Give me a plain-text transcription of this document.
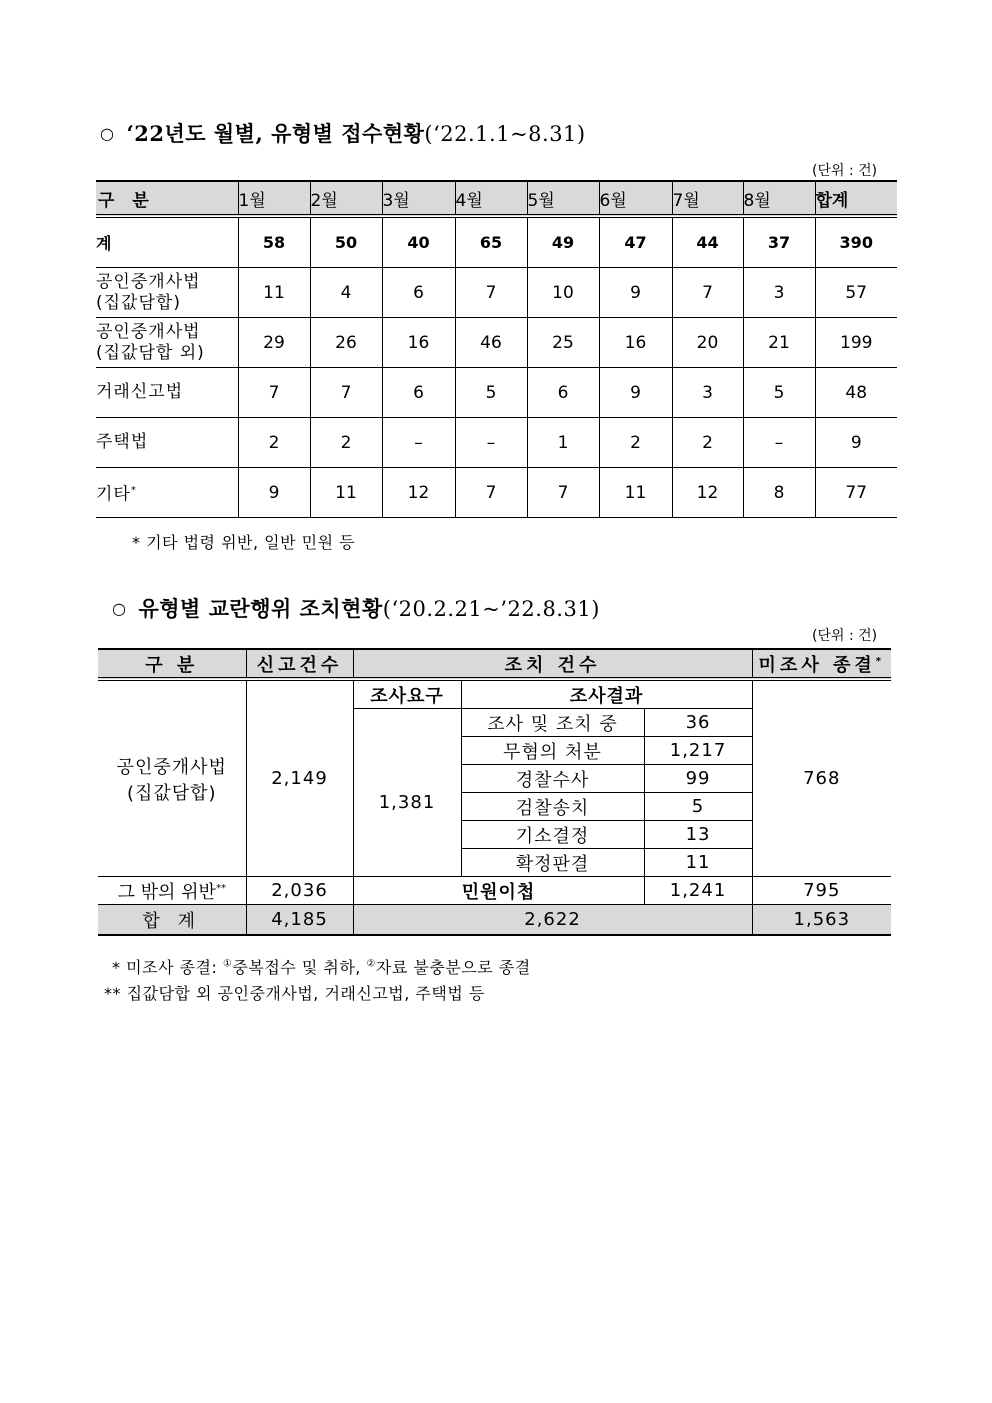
○ ‘22년도 월별, 유형별 접수현황(‘22.1.1~8.31)
(단위 : 건)
구 분	1월	2월	3월	4월	5월	6월	7월	8월	합계
계	58	50	40	65	49	47	44	37	390

공인중개사법
(집값담합)	11	4	6	7	10	9	7	3	57

공인중개사법
(집값담합 외)	29	26	16	46	25	16	20	21	199
거래신고법	7	7	6	5	6	9	3	5	48
주택법	2	2	–	–	1	2	2	–	9
기타*	9	11	12	7	7	11	12	8	77
* 기타 법령 위반, 일반 민원 등
○ 유형별 교란행위 조치현황(‘20.2.21~’22.8.31)
(단위 : 건)
구 분	신고건수	조치 건수			미조사 종결*

공인중개사법
(집값담합)	2,149	조사요구	조사결과		768
		1,381	조사 및 조치 중	36	
			무혐의 처분	1,217	
			경찰수사	99	
			검찰송치	5	
			기소결정	13	
			확정판결	11	
그 밖의 위반**	2,036	민원이첩		1,241	795
합 계	4,185	2,622			1,563
* 미조사 종결: ①중복접수 및 취하, ②자료 불충분으로 종결
** 집값담합 외 공인중개사법, 거래신고법, 주택법 등
